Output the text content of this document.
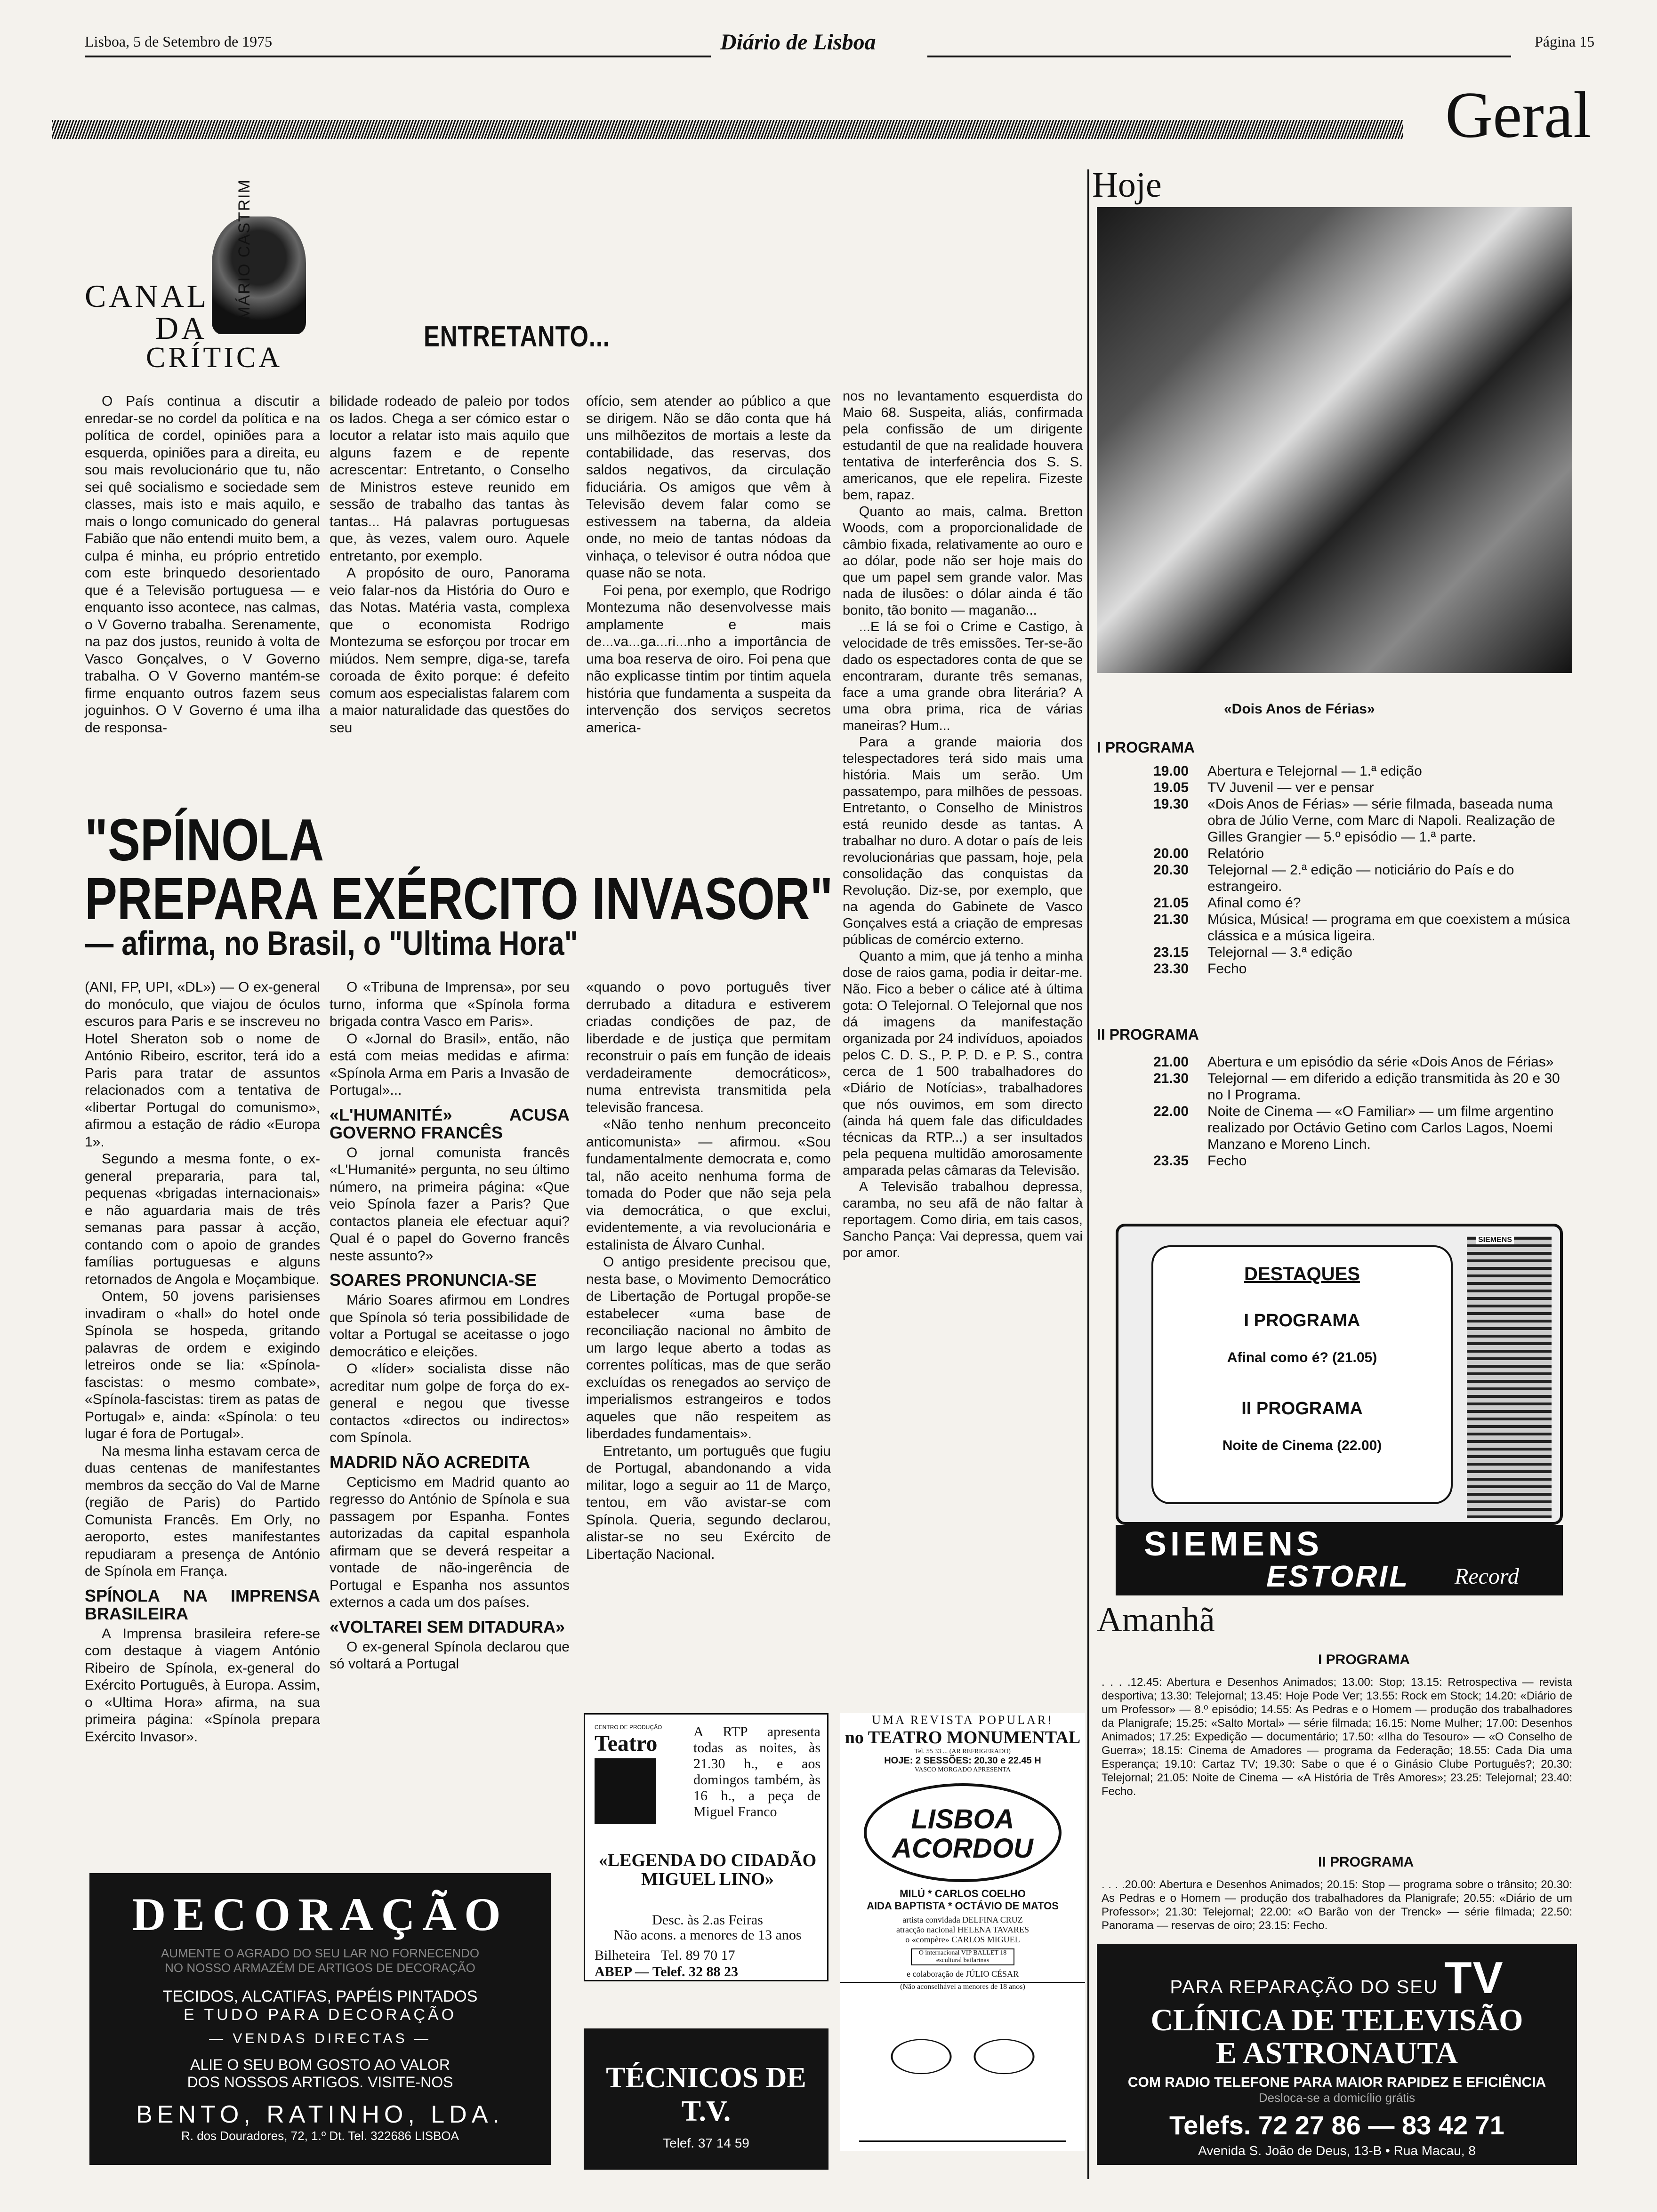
Lisboa, 5 de Setembro de 1975	Diário de Lisboa	Página 15
Geral
MÁRIO CASTRIM
CANAL
DA
CRÍTICA
ENTRETANTO...

O País continua a discutir a enredar-se no cordel da política e na política de cordel, opiniões para a esquerda, opiniões para a direita, eu sou mais revolucionário que tu, não sei quê socialismo e sociedade sem classes, mais isto e mais aquilo, e mais o longo comunicado do general Fabião que não entendi muito bem, a culpa é minha, eu próprio entretido com este brinquedo desorientado que é a Televisão portuguesa — e enquanto isso acontece, nas calmas, o V Governo trabalha. Serenamente, na paz dos justos, reunido à volta de Vasco Gonçalves, o V Governo trabalha. O V Governo mantém-se firme enquanto outros fazem seus joguinhos. O V Governo é uma ilha de responsa-

bilidade rodeado de paleio por todos os lados. Chega a ser cómico estar o locutor a relatar isto mais aquilo que alguns fazem e de repente acrescentar: Entretanto, o Conselho de Ministros esteve reunido em sessão de trabalho das tantas às tantas... Há palavras portuguesas que, às vezes, valem ouro. Aquele entretanto, por exemplo.

A propósito de ouro, Panorama veio falar-nos da História do Ouro e das Notas. Matéria vasta, complexa que o economista Rodrigo Montezuma se esforçou por trocar em miúdos. Nem sempre, diga-se, tarefa coroada de êxito porque: é defeito comum aos especialistas falarem com a maior naturalidade das questões do seu

ofício, sem atender ao público a que se dirigem. Não se dão conta que há uns milhõezitos de mortais a leste da contabilidade, das reservas, dos saldos negativos, da circulação fiduciária. Os amigos que vêm à Televisão devem falar como se estivessem na taberna, da aldeia onde, no meio de tantas nódoas da vinhaça, o televisor é outra nódoa que quase não se nota.

Foi pena, por exemplo, que Rodrigo Montezuma não desenvolvesse mais amplamente e mais de...va...ga...ri...nho a importância de uma boa reserva de oiro. Foi pena que não explicasse tintim por tintim aquela história que fundamenta a suspeita da intervenção dos serviços secretos america-

nos no levantamento esquerdista do Maio 68. Suspeita, aliás, confirmada pela confissão de um dirigente estudantil de que na realidade houvera tentativa de interferência dos S. S. americanos, que ele repelira. Fizeste bem, rapaz.

Quanto ao mais, calma. Bretton Woods, com a proporcionalidade de câmbio fixada, relativamente ao ouro e ao dólar, pode não ser hoje mais do que um papel sem grande valor. Mas nada de ilusões: o dólar ainda é tão bonito, tão bonito — maganão...

...E lá se foi o Crime e Castigo, à velocidade de três emissões. Ter-se-ão dado os espectadores conta de que se encontraram, durante três semanas, face a uma grande obra literária? A uma obra prima, rica de várias maneiras? Hum...

Para a grande maioria dos telespectadores terá sido mais uma história. Mais um serão. Um passatempo, para milhões de pessoas. Entretanto, o Conselho de Ministros está reunido desde as tantas. A trabalhar no duro. A dotar o país de leis revolucionárias que passam, hoje, pela consolidação das conquistas da Revolução. Diz-se, por exemplo, que na agenda do Gabinete de Vasco Gonçalves está a criação de empresas públicas de comércio externo.

Quanto a mim, que já tenho a minha dose de raios gama, podia ir deitar-me. Não. Fico a beber o cálice até à última gota: O Telejornal. O Telejornal que nos dá imagens da manifestação organizada por 24 indivíduos, apoiados pelos C. D. S., P. P. D. e P. S., contra cerca de 1 500 trabalhadores do «Diário de Notícias», trabalhadores que nós ouvimos, em som directo (ainda há quem fale das dificuldades técnicas da RTP...) a ser insultados pela pequena multidão amorosamente amparada pelas câmaras da Televisão.

A Televisão trabalhou depressa, caramba, no seu afã de não faltar à reportagem. Como diria, em tais casos, Sancho Pança: Vai depressa, quem vai por amor.

"SPÍNOLA
PREPARA EXÉRCITO INVASOR"
— afirma, no Brasil, o "Ultima Hora"

(ANI, FP, UPI, «DL») — O ex-general do monóculo, que viajou de óculos escuros para Paris e se inscreveu no Hotel Sheraton sob o nome de António Ribeiro, escritor, terá ido a Paris para tratar de assuntos relacionados com a tentativa de «libertar Portugal do comunismo», afirmou a estação de rádio «Europa 1».

Segundo a mesma fonte, o ex-general prepararia, para tal, pequenas «brigadas internacionais» e não aguardaria mais de três semanas para passar à acção, contando com o apoio de grandes famílias portuguesas e alguns retornados de Angola e Moçambique.

Ontem, 50 jovens parisienses invadiram o «hall» do hotel onde Spínola se hospeda, gritando palavras de ordem e exigindo letreiros onde se lia: «Spínola-fascistas: o mesmo combate», «Spínola-fascistas: tirem as patas de Portugal» e, ainda: «Spínola: o teu lugar é fora de Portugal».

Na mesma linha estavam cerca de duas centenas de manifestantes membros da secção do Val de Marne (região de Paris) do Partido Comunista Francês. Em Orly, no aeroporto, estes manifestantes repudiaram a presença de António de Spínola em França.

SPÍNOLA NA IMPRENSA BRASILEIRA

A Imprensa brasileira refere-se com destaque à viagem António Ribeiro de Spínola, ex-general do Exército Português, à Europa. Assim, o «Ultima Hora» afirma, na sua primeira página: «Spínola prepara Exército Invasor».

O «Tribuna de Imprensa», por seu turno, informa que «Spínola forma brigada contra Vasco em Paris».

O «Jornal do Brasil», então, não está com meias medidas e afirma: «Spínola Arma em Paris a Invasão de Portugal»...

«L'HUMANITÉ» ACUSA GOVERNO FRANCÊS

O jornal comunista francês «L'Humanité» pergunta, no seu último número, na primeira página: «Que veio Spínola fazer a Paris? Que contactos planeia ele efectuar aqui? Qual é o papel do Governo francês neste assunto?»

SOARES PRONUNCIA-SE

Mário Soares afirmou em Londres que Spínola só teria possibilidade de voltar a Portugal se aceitasse o jogo democrático e eleições.

O «líder» socialista disse não acreditar num golpe de força do ex-general e negou que tivesse contactos «directos ou indirectos» com Spínola.

MADRID NÃO ACREDITA

Cepticismo em Madrid quanto ao regresso do António de Spínola e sua passagem por Espanha. Fontes autorizadas da capital espanhola afirmam que se deverá respeitar a vontade de não-ingerência de Portugal e Espanha nos assuntos externos a cada um dos países.

«VOLTAREI SEM DITADURA»

O ex-general Spínola declarou que só voltará a Portugal

«quando o povo português tiver derrubado a ditadura e estiverem criadas condições de paz, de liberdade e de justiça que permitam reconstruir o país em função de ideais verdadeiramente democráticos», numa entrevista transmitida pela televisão francesa.

«Não tenho nenhum preconceito anticomunista» — afirmou. «Sou fundamentalmente democrata e, como tal, não aceito nenhuma forma de tomada do Poder que não seja pela via democrática, o que exclui, evidentemente, a via revolucionária e estalinista de Álvaro Cunhal.

O antigo presidente precisou que, nesta base, o Movimento Democrático de Libertação de Portugal propõe-se estabelecer «uma base de reconciliação nacional no âmbito de um largo leque aberto a todas as correntes políticas, mas de que serão excluídas os renegados ao serviço de imperialismos estrangeiros e todos aqueles que não respeitem as liberdades fundamentais».

Entretanto, um português que fugiu de Portugal, abandonando a vida militar, logo a seguir ao 11 de Março, tentou, em vão avistar-se com Spínola. Queria, segundo declarou, alistar-se no seu Exército de Libertação Nacional.

Hoje
«Dois Anos de Férias»
I PROGRAMA
19.00	Abertura e Telejornal — 1.ª edição
19.05	TV Juvenil — ver e pensar
19.30	«Dois Anos de Férias» — série filmada, baseada numa obra de Júlio Verne, com Marc di Napoli. Realização de Gilles Grangier — 5.º episódio — 1.ª parte.
20.00	Relatório
20.30	Telejornal — 2.ª edição — noticiário do País e do estrangeiro.
21.05	Afinal como é?
21.30	Música, Música! — programa em que coexistem a música clássica e a música ligeira.
23.15	Telejornal — 3.ª edição
23.30	Fecho
II PROGRAMA
21.00	Abertura e um episódio da série «Dois Anos de Férias»
21.30	Telejornal — em diferido a edição transmitida às 20 e 30 no I Programa.
22.00	Noite de Cinema — «O Familiar» — um filme argentino realizado por Octávio Getino com Carlos Lagos, Noemi Manzano e Moreno Linch.
23.35	Fecho
DESTAQUES
I PROGRAMA
Afinal como é? (21.05)
II PROGRAMA
Noite de Cinema (22.00)
SIEMENS
SIEMENS
ESTORIL Record
Amanhã
I PROGRAMA
. . . .12.45: Abertura e Desenhos Animados; 13.00: Stop; 13.15: Retrospectiva — revista desportiva; 13.30: Telejornal; 13.45: Hoje Pode Ver; 13.55: Rock em Stock; 14.20: «Diário de um Professor» — 8.º episódio; 14.55: As Pedras e o Homem — produção dos trabalhadores da Planigrafe; 15.25: «Salto Mortal» — série filmada; 16.15: Nome Mulher; 17.00: Desenhos Animados; 17.25: Expedição — documentário; 17.50: «Ilha do Tesouro» — «O Conselho de Guerra»; 18.15: Cinema de Amadores — programa da Federação; 18.55: Cada Dia uma Esperança; 19.10: Cartaz TV; 19.30: Sabe o que é o Ginásio Clube Português?; 20.30: Telejornal; 21.05: Noite de Cinema — «A História de Três Amores»; 23.25: Telejornal; 23.40: Fecho.
II PROGRAMA
. . . .20.00: Abertura e Desenhos Animados; 20.15: Stop — programa sobre o trânsito; 20.30: As Pedras e o Homem — produção dos trabalhadores da Planigrafe; 20.55: «Diário de um Professor»; 21.30: Telejornal; 22.00: «O Barão von der Trenck» — série filmada; 22.50: Panorama — reservas de oiro; 23.15: Fecho.
PARA REPARAÇÃO DO SEU TV
CLÍNICA DE TELEVISÃO
E ASTRONAUTA
COM RADIO TELEFONE PARA MAIOR RAPIDEZ E EFICIÊNCIA
Desloca-se a domicílio grátis
Telefs. 72 27 86 — 83 42 71
Avenida S. João de Deus, 13-B • Rua Macau, 8
DECORAÇÃO
AUMENTE O AGRADO DO SEU LAR NO FORNECENDO
NO NOSSO ARMAZÉM DE ARTIGOS DE DECORAÇÃO
TECIDOS, ALCATIFAS, PAPÉIS PINTADOS
E TUDO PARA DECORAÇÃO
— VENDAS DIRECTAS —
ALIE O SEU BOM GOSTO AO VALOR
DOS NOSSOS ARTIGOS. VISITE-NOS
BENTO, RATINHO, LDA.
R. dos Douradores, 72, 1.º Dt. Tel. 322686 LISBOA
CENTRO DE PRODUÇÃO
Teatro	A RTP apresenta todas as noites, às 21.30 h., e aos domingos também, às 16 h., a peça de Miguel Franco
«LEGENDA DO CIDADÃO MIGUEL LINO»
Desc. às 2.as Feiras
Não acons. a menores de 13 anos
Bilheteira Tel. 89 70 17
ABEP — Telef. 32 88 23
TÉCNICOS DE T.V.
Telef. 37 14 59
UMA REVISTA POPULAR!
no TEATRO MONUMENTAL
Tel. 55 33 ... (AR REFRIGERADO)
HOJE: 2 SESSÕES: 20.30 e 22.45 H
VASCO MORGADO APRESENTA
LISBOA ACORDOU
MILÚ * CARLOS COELHO
AIDA BAPTISTA * OCTÁVIO DE MATOS
artista convidada DELFINA CRUZ
atracção nacional HELENA TAVARES
o «compère» CARLOS MIGUEL
O internacional VIP BALLET 18 escultural bailarinas
e colaboração de JÚLIO CÉSAR
(Não aconselhável a menores de 18 anos)
